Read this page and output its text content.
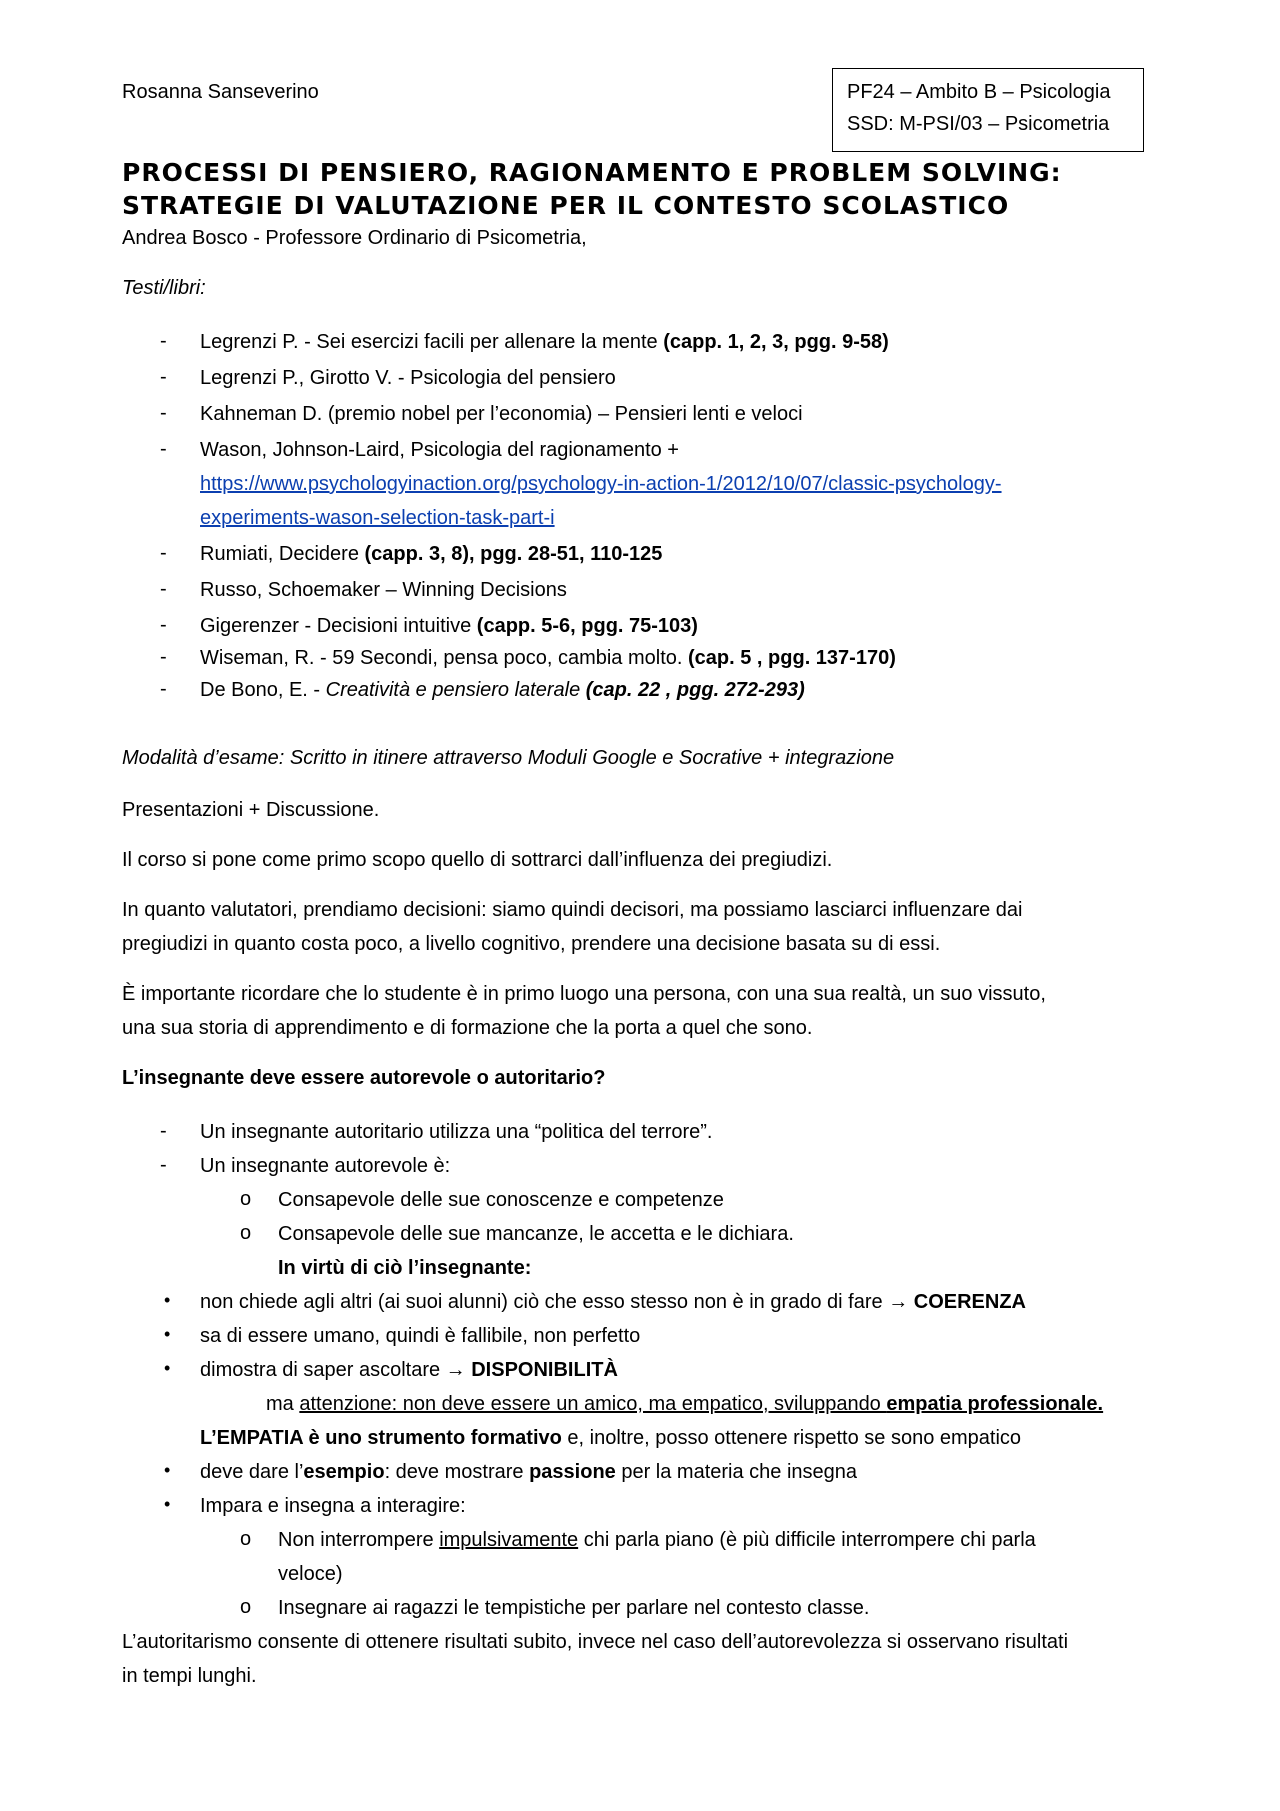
Rosanna Sanseverino	PF24 – Ambito B – Psicologia
SSD: M-PSI/03 – Psicometria
PROCESSI DI PENSIERO, RAGIONAMENTO E PROBLEM SOLVING:
STRATEGIE DI VALUTAZIONE PER IL CONTESTO SCOLASTICO
Andrea Bosco - Professore Ordinario di Psicometria,
Testi/libri:
- Legrenzi P. - Sei esercizi facili per allenare la mente (capp. 1, 2, 3, pgg. 9-58)
- Legrenzi P., Girotto V. - Psicologia del pensiero
- Kahneman D. (premio nobel per l’economia) – Pensieri lenti e veloci
- Wason, Johnson-Laird, Psicologia del ragionamento +
https://www.psychologyinaction.org/psychology-in-action-1/2012/10/07/classic-psychology-
experiments-wason-selection-task-part-i
- Rumiati, Decidere (capp. 3, 8), pgg. 28-51, 110-125
- Russo, Schoemaker – Winning Decisions
- Gigerenzer - Decisioni intuitive (capp. 5-6, pgg. 75-103)
- Wiseman, R. - 59 Secondi, pensa poco, cambia molto. (cap. 5 , pgg. 137-170)
- De Bono, E. - Creatività e pensiero laterale (cap. 22 , pgg. 272-293)
Modalità d’esame: Scritto in itinere attraverso Moduli Google e Socrative + integrazione
Presentazioni + Discussione.
Il corso si pone come primo scopo quello di sottrarci dall’influenza dei pregiudizi.
In quanto valutatori, prendiamo decisioni: siamo quindi decisori, ma possiamo lasciarci influenzare dai
pregiudizi in quanto costa poco, a livello cognitivo, prendere una decisione basata su di essi.
È importante ricordare che lo studente è in primo luogo una persona, con una sua realtà, un suo vissuto,
una sua storia di apprendimento e di formazione che la porta a quel che sono.
L’insegnante deve essere autorevole o autoritario?
- Un insegnante autoritario utilizza una “politica del terrore”.
- Un insegnante autorevole è:
o Consapevole delle sue conoscenze e competenze
o Consapevole delle sue mancanze, le accetta e le dichiara.
In virtù di ciò l’insegnante:
• non chiede agli altri (ai suoi alunni) ciò che esso stesso non è in grado di fare → COERENZA
• sa di essere umano, quindi è fallibile, non perfetto
• dimostra di saper ascoltare → DISPONIBILITÀ
ma attenzione: non deve essere un amico, ma empatico, sviluppando empatia professionale.
L’EMPATIA è uno strumento formativo e, inoltre, posso ottenere rispetto se sono empatico
• deve dare l’esempio: deve mostrare passione per la materia che insegna
• Impara e insegna a interagire:
o Non interrompere impulsivamente chi parla piano (è più difficile interrompere chi parla
veloce)
o Insegnare ai ragazzi le tempistiche per parlare nel contesto classe.
L’autoritarismo consente di ottenere risultati subito, invece nel caso dell’autorevolezza si osservano risultati
in tempi lunghi.
